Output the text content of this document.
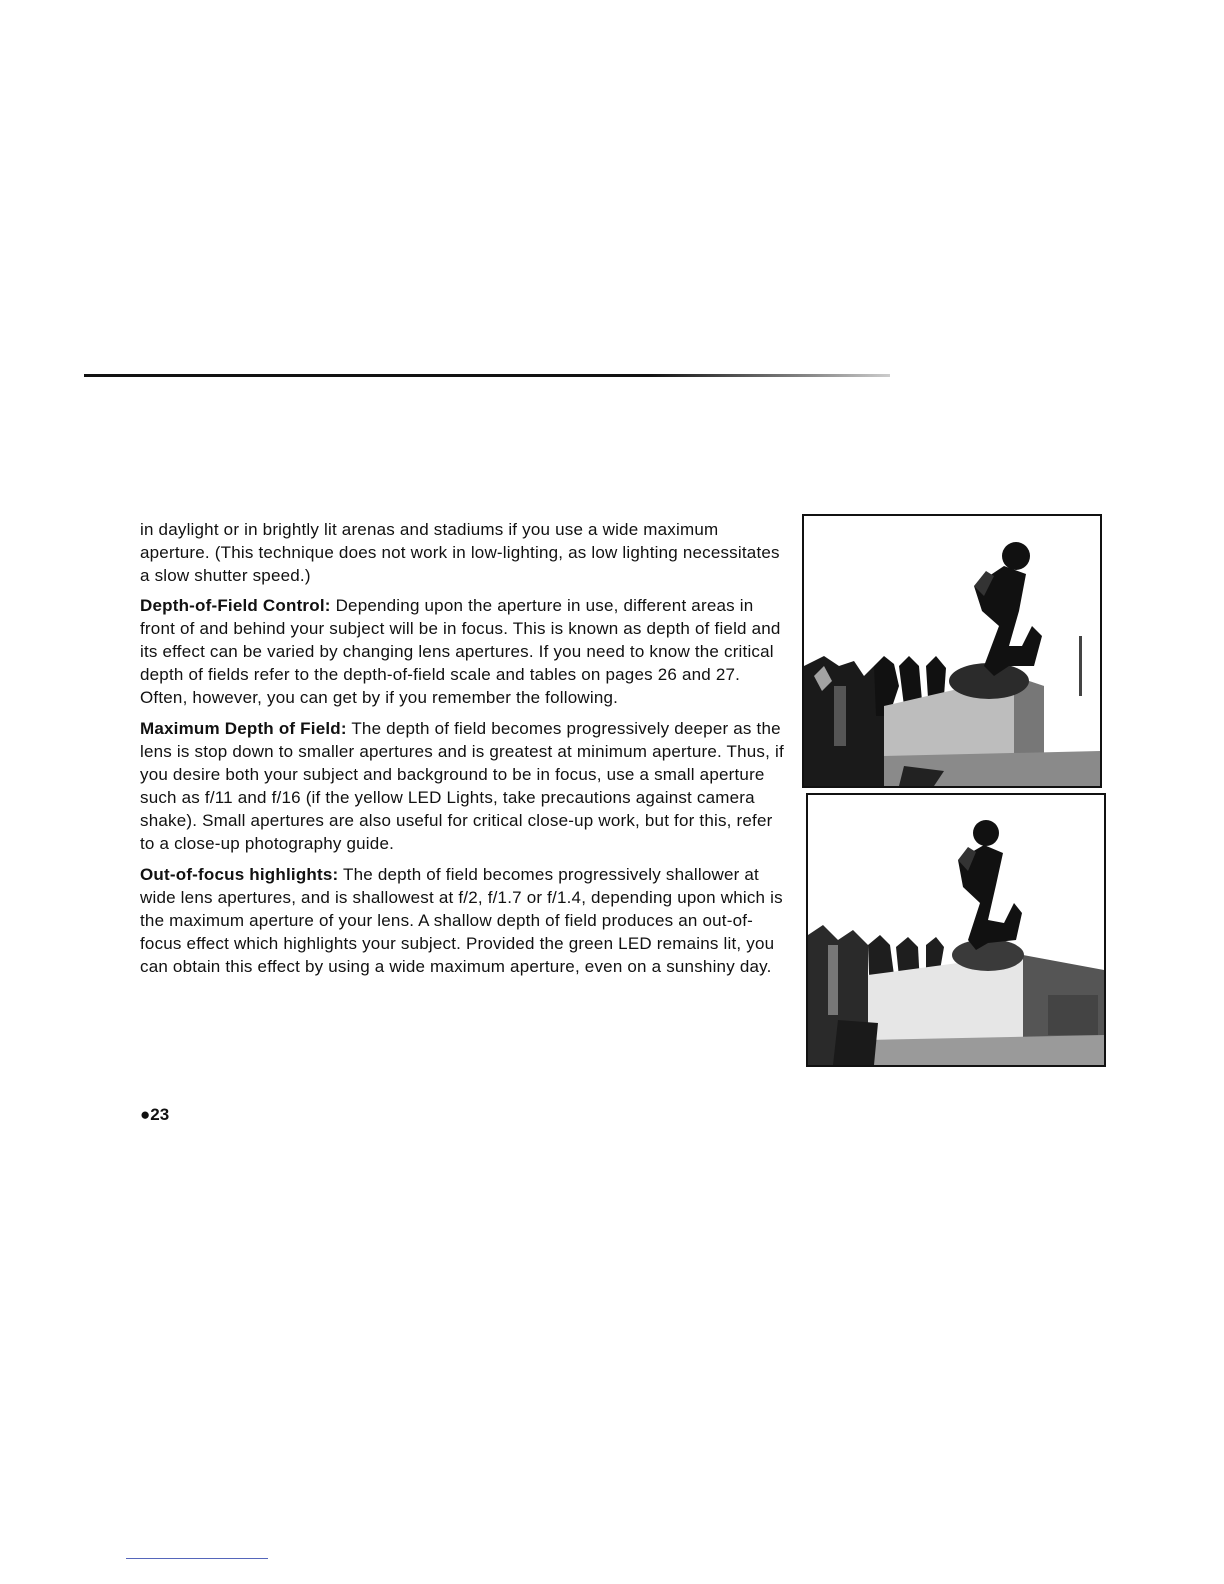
in daylight or in brightly lit arenas and stadiums if you use a wide maximum aperture. (This technique does not work in low-lighting, as low lighting necessitates a slow shutter speed.)

Depth-of-Field Control: Depending upon the aperture in use, different areas in front of and behind your subject will be in focus. This is known as depth of field and its effect can be varied by changing lens apertures. If you need to know the critical depth of fields refer to the depth-of-field scale and tables on pages 26 and 27. Often, however, you can get by if you remember the following.

Maximum Depth of Field: The depth of field becomes progressively deeper as the lens is stop down to smaller apertures and is greatest at minimum aperture. Thus, if you desire both your subject and background to be in focus, use a small aperture such as f/11 and f/16 (if the yellow LED Lights, take precautions against camera shake). Small apertures are also useful for critical close-up work, but for this, refer to a close-up photography guide.

Out-of-focus highlights: The depth of field becomes progressively shallower at wide lens apertures, and is shallowest at f/2, f/1.7 or f/1.4, depending upon which is the maximum aperture of your lens. A shallow depth of field produces an out-of-focus effect which highlights your subject. Provided the green LED remains lit, you can obtain this effect by using a wide maximum aperture, even on a sunshiny day.

●23
